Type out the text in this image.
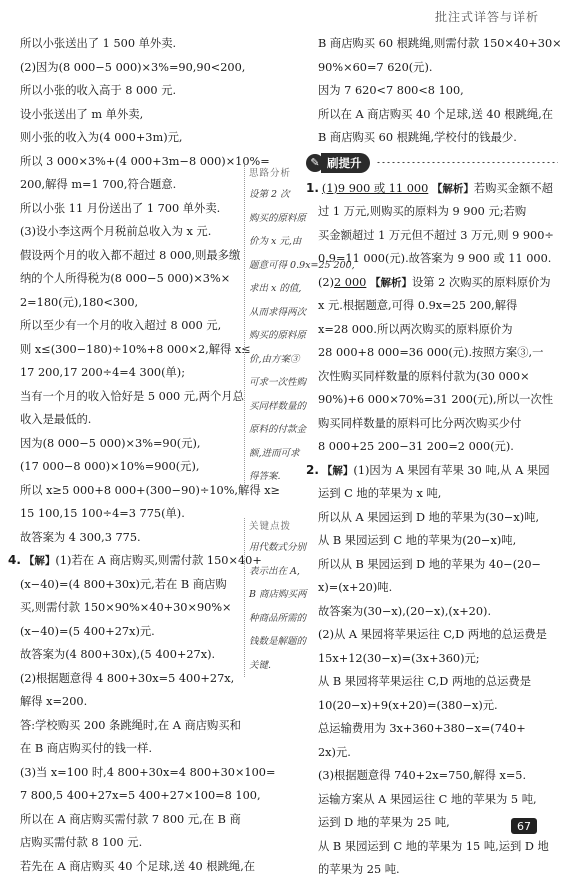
批注式详答与详析
所以小张送出了 1 500 单外卖.
(2)因为(8 000−5 000)×3%=90,90<200,
所以小张的收入高于 8 000 元.
设小张送出了 m 单外卖,
则小张的收入为(4 000+3m)元,
所以 3 000×3%+(4 000+3m−8 000)×10%=
200,解得 m=1 700,符合题意.
所以小张 11 月份送出了 1 700 单外卖.
(3)设小李这两个月税前总收入为 x 元.
假设两个月的收入都不超过 8 000,则最多缴
纳的个人所得税为(8 000−5 000)×3%×
2=180(元),180<300,
所以至少有一个月的收入超过 8 000 元,
则 x≤(300−180)÷10%+8 000×2,解得 x≤
17 200,17 200÷4=4 300(单);
当有一个月的收入恰好是 5 000 元,两个月总
收入是最低的.
因为(8 000−5 000)×3%=90(元),
(17 000−8 000)×10%=900(元),
所以 x≥5 000+8 000+(300−90)÷10%,解得 x≥
15 100,15 100÷4=3 775(单).
故答案为 4 300,3 775.
4. 【解】(1)若在 A 商店购买,则需付款 150×40+
(x−40)=(4 800+30x)元,若在 B 商店购
买,则需付款 150×90%×40+30×90%×
(x−40)=(5 400+27x)元.
故答案为(4 800+30x),(5 400+27x).
(2)根据题意得 4 800+30x=5 400+27x,
解得 x=200.
答:学校购买 200 条跳绳时,在 A 商店购买和
在 B 商店购买付的钱一样.
(3)当 x=100 时,4 800+30x=4 800+30×100=
7 800,5 400+27x=5 400+27×100=8 100,
所以在 A 商店购买需付款 7 800 元,在 B 商
店购买需付款 8 100 元.
若先在 A 商店购买 40 个足球,送 40 根跳绳,在
思路分析
设第 2 次
购买的原料原
价为 x 元,由
题意可得 0.9x=25 200,
求出 x 的值,
从而求得两次
购买的原料原
价,由方案③
可求一次性购
买同样数量的
原料的付款金
额,进而可求
得答案.
关键点拨
用代数式分别
表示出在 A,
B 商店购买两
种商品所需的
钱数是解题的
关键.
B 商店购买 60 根跳绳,则需付款 150×40+30×
90%×60=7 620(元).
因为 7 620<7 800<8 100,
所以在 A 商店购买 40 个足球,送 40 根跳绳,在
B 商店购买 60 根跳绳,学校付的钱最少.
✎ 刷提升
1. (1)9 900 或 11 000 【解析】若购买金额不超
过 1 万元,则购买的原料为 9 900 元;若购
买金额超过 1 万元但不超过 3 万元,则 9 900÷
0.9=11 000(元).故答案为 9 900 或 11 000.
(2)2 000 【解析】设第 2 次购买的原料原价为
x 元.根据题意,可得 0.9x=25 200,解得
x=28 000.所以两次购买的原料原价为
28 000+8 000=36 000(元).按照方案③,一
次性购买同样数量的原料付款为(30 000×
90%)+6 000×70%=31 200(元),所以一次性
购买同样数量的原料可比分两次购买少付
8 000+25 200−31 200=2 000(元).
2. 【解】(1)因为 A 果园有苹果 30 吨,从 A 果园
运到 C 地的苹果为 x 吨,
所以从 A 果园运到 D 地的苹果为(30−x)吨,
从 B 果园运到 C 地的苹果为(20−x)吨,
所以从 B 果园运到 D 地的苹果为 40−(20−
x)=(x+20)吨.
故答案为(30−x),(20−x),(x+20).
(2)从 A 果园将苹果运往 C,D 两地的总运费是
15x+12(30−x)=(3x+360)元;
从 B 果园将苹果运往 C,D 两地的总运费是
10(20−x)+9(x+20)=(380−x)元.
总运输费用为 3x+360+380−x=(740+
2x)元.
(3)根据题意得 740+2x=750,解得 x=5.
运输方案从 A 果园运往 C 地的苹果为 5 吨,
运到 D 地的苹果为 25 吨,
从 B 果园运到 C 地的苹果为 15 吨,运到 D 地
的苹果为 25 吨.
67
